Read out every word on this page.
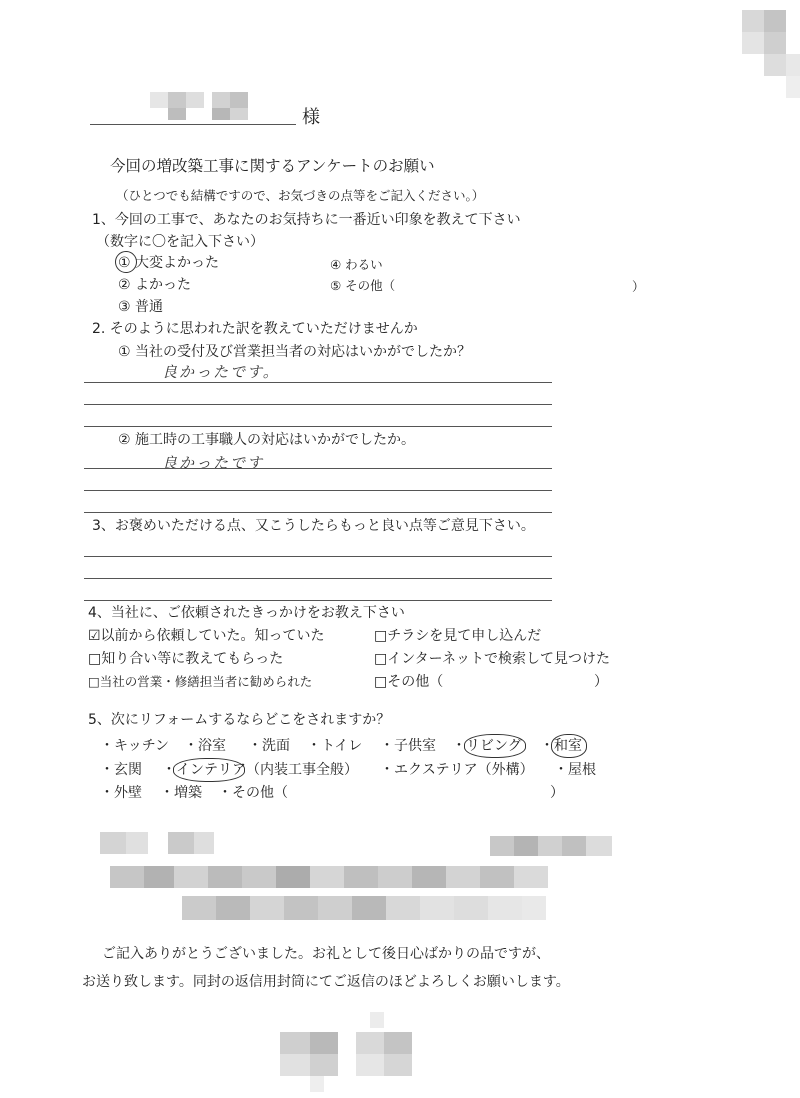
様
今回の増改築工事に関するアンケートのお願い
（ひとつでも結構ですので、お気づきの点等をご記入ください。）
1、今回の工事で、あなたのお気持ちに一番近い印象を教えて下さい
（数字に〇を記入下さい）
① 大変よかった
② よかった
③ 普通
④ わるい
⑤ その他（	）
2. そのように思われた訳を教えていただけませんか
① 当社の受付及び営業担当者の対応はいかがでしたか？
良かったです。
② 施工時の工事職人の対応はいかがでしたか。
良かったです
3、お褒めいただける点、又こうしたらもっと良い点等ご意見下さい。
4、当社に、ご依頼されたきっかけをお教え下さい
☑以前から依頼していた。知っていた	□チラシを見て申し込んだ
□知り合い等に教えてもらった	□インターネットで検索して見つけた
□当社の営業・修繕担当者に勧められた	□その他（	）
5、次にリフォームするならどこをされますか？
・キッチン ・浴室 ・洗面 ・トイレ ・子供室 ・リビング ・和室
・玄関 ・インテリア（内装工事全般） ・エクステリア（外構） ・屋根
・外壁 ・増築 ・その他（	）
ご記入ありがとうございました。お礼として後日心ばかりの品ですが、
お送り致します。同封の返信用封筒にてご返信のほどよろしくお願いします。
